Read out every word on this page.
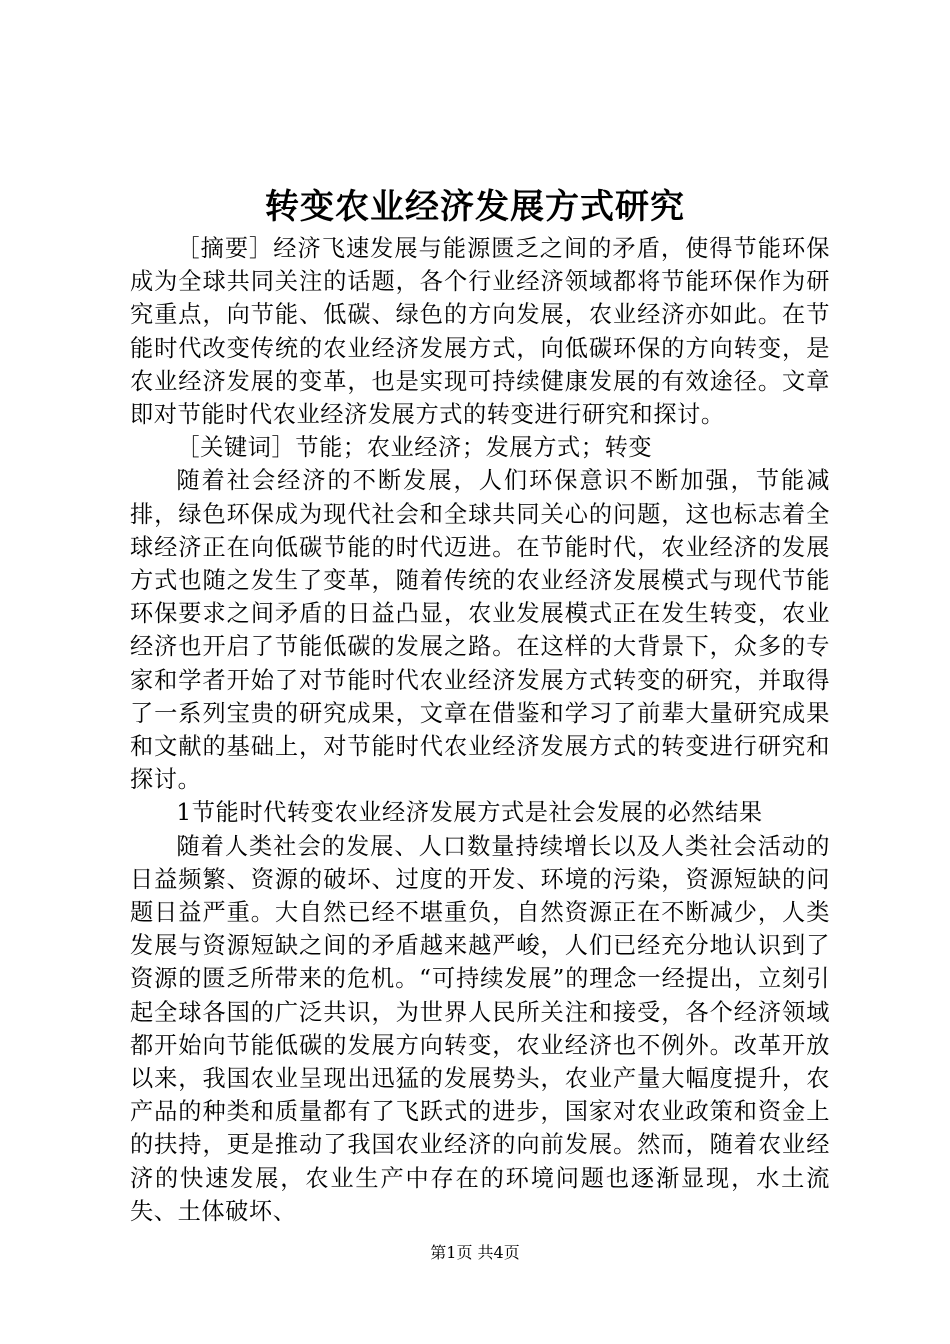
转变农业经济发展方式研究

［摘要］经济飞速发展与能源匮乏之间的矛盾，使得节能环保成为全球共同关注的话题，各个行业经济领域都将节能环保作为研究重点，向节能、低碳、绿色的方向发展，农业经济亦如此。在节能时代改变传统的农业经济发展方式，向低碳环保的方向转变，是农业经济发展的变革，也是实现可持续健康发展的有效途径。文章即对节能时代农业经济发展方式的转变进行研究和探讨。

［关键词］节能；农业经济；发展方式；转变

随着社会经济的不断发展，人们环保意识不断加强，节能减排，绿色环保成为现代社会和全球共同关心的问题，这也标志着全球经济正在向低碳节能的时代迈进。在节能时代，农业经济的发展方式也随之发生了变革，随着传统的农业经济发展模式与现代节能环保要求之间矛盾的日益凸显，农业发展模式正在发生转变，农业经济也开启了节能低碳的发展之路。在这样的大背景下，众多的专家和学者开始了对节能时代农业经济发展方式转变的研究，并取得了一系列宝贵的研究成果，文章在借鉴和学习了前辈大量研究成果和文献的基础上，对节能时代农业经济发展方式的转变进行研究和探讨。

1节能时代转变农业经济发展方式是社会发展的必然结果

随着人类社会的发展、人口数量持续增长以及人类社会活动的日益频繁、资源的破坏、过度的开发、环境的污染，资源短缺的问题日益严重。大自然已经不堪重负，自然资源正在不断减少，人类发展与资源短缺之间的矛盾越来越严峻，人们已经充分地认识到了资源的匮乏所带来的危机。“可持续发展”的理念一经提出，立刻引起全球各国的广泛共识，为世界人民所关注和接受，各个经济领域都开始向节能低碳的发展方向转变，农业经济也不例外。改革开放以来，我国农业呈现出迅猛的发展势头，农业产量大幅度提升，农产品的种类和质量都有了飞跃式的进步，国家对农业政策和资金上的扶持，更是推动了我国农业经济的向前发展。然而，随着农业经济的快速发展，农业生产中存在的环境问题也逐渐显现，水土流失、土体破坏、

第1页 共4页
